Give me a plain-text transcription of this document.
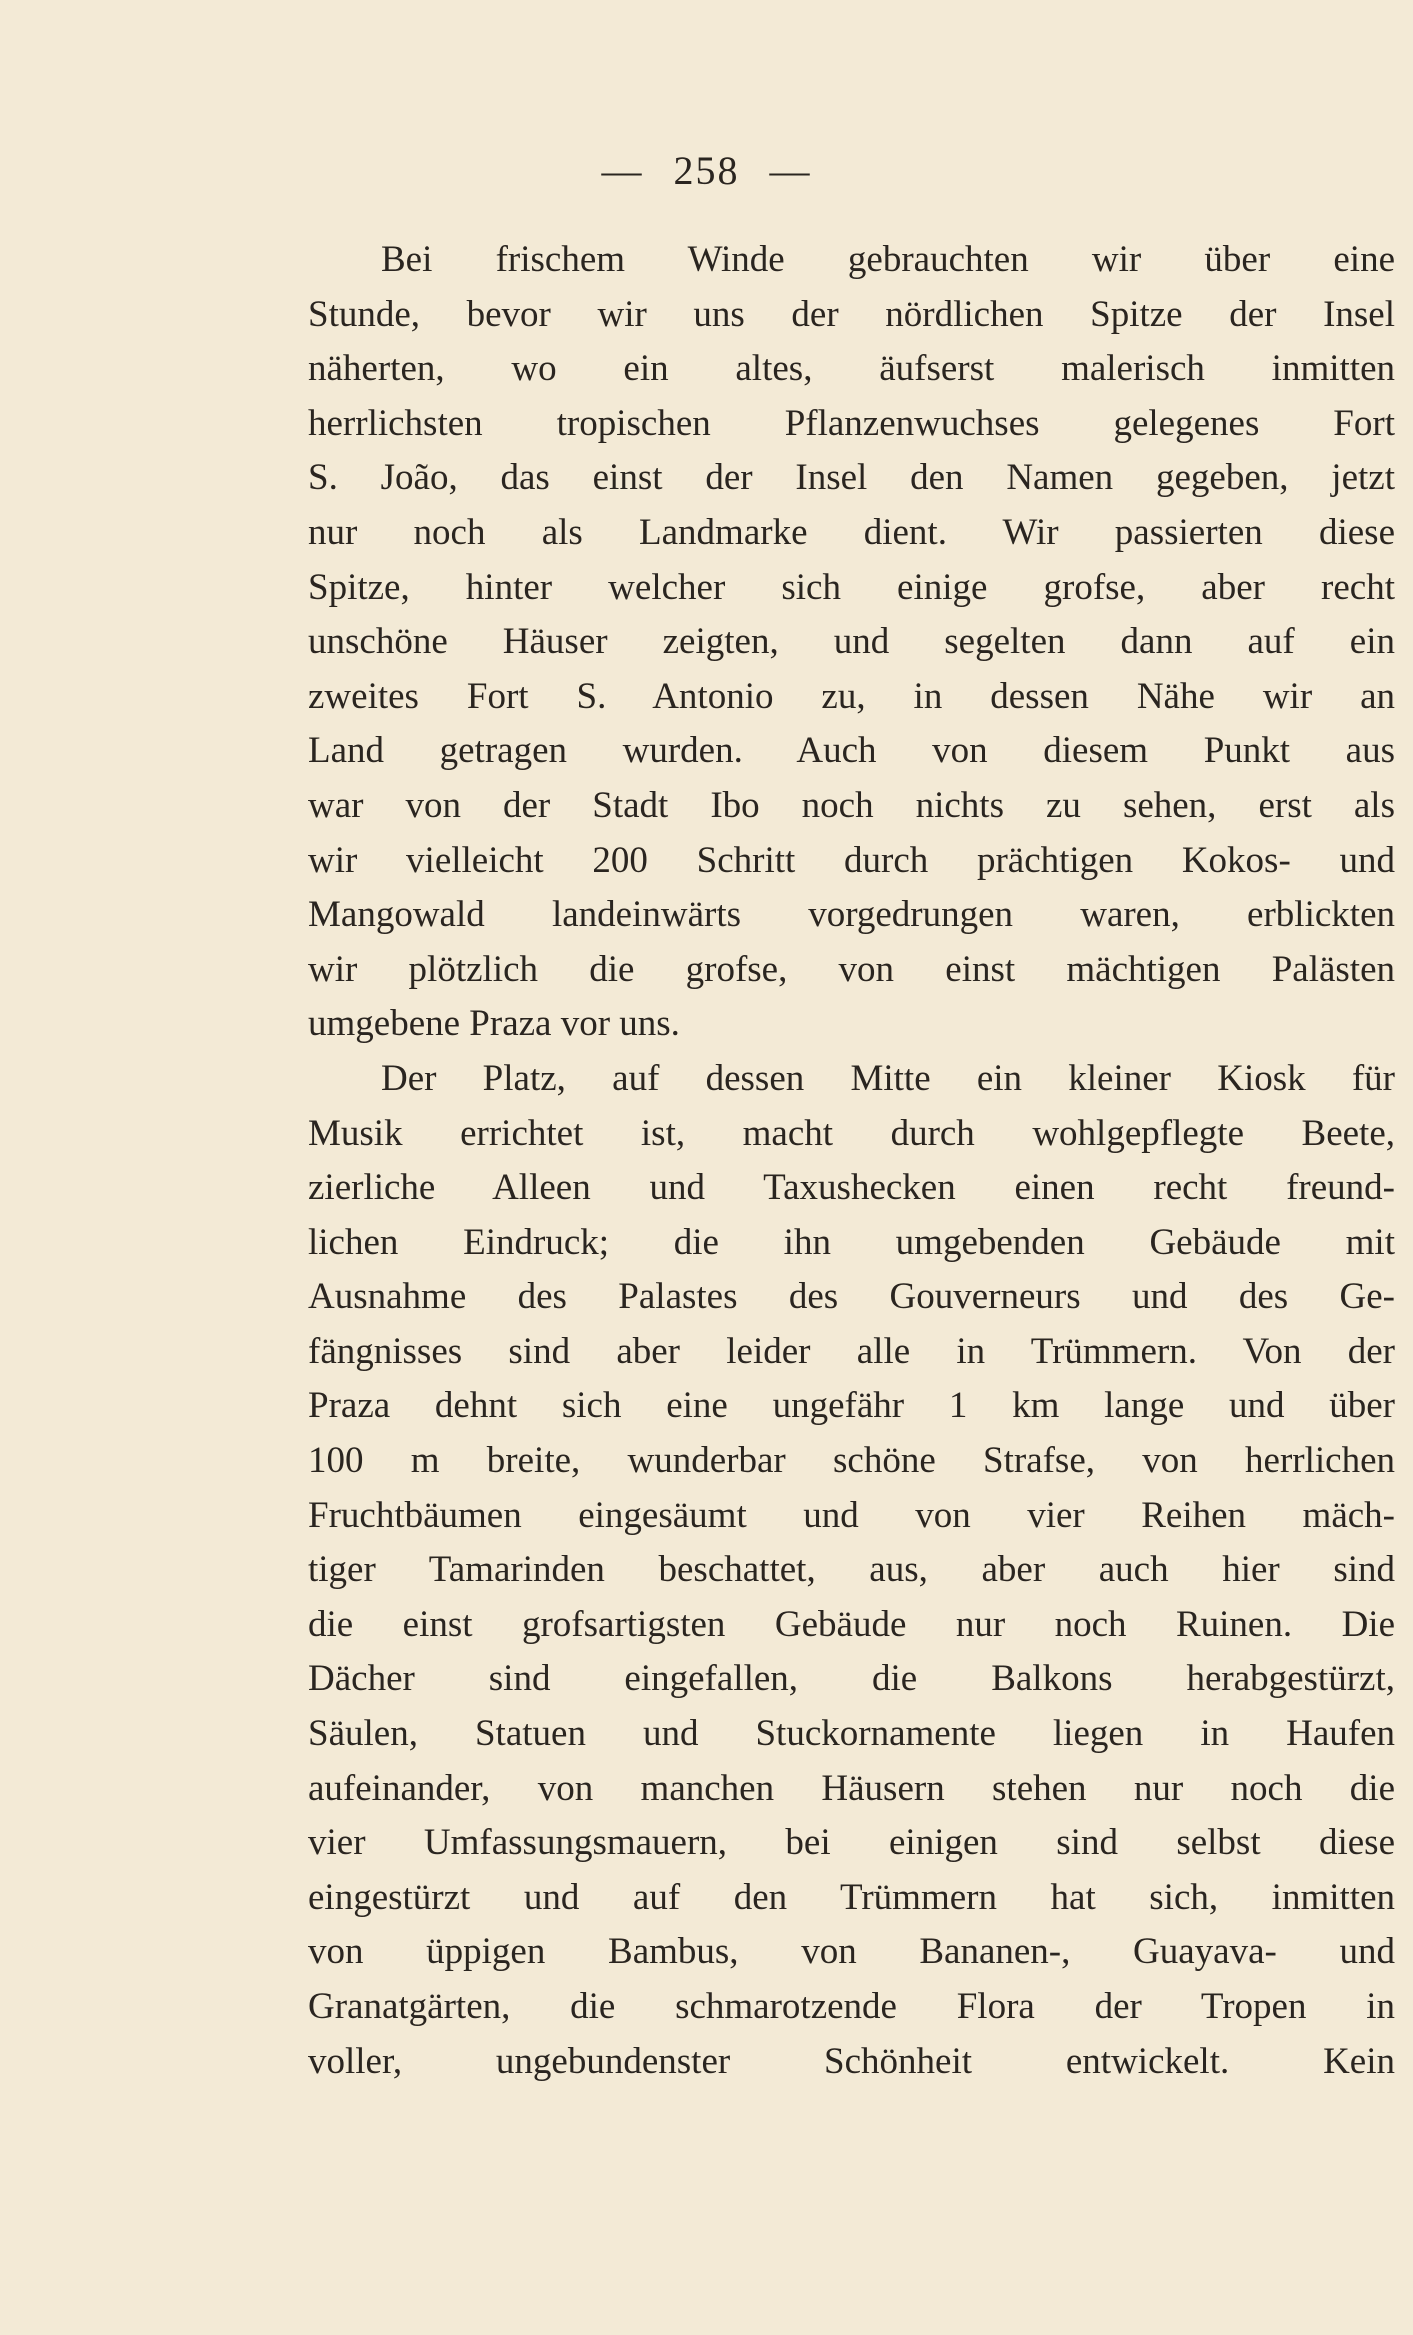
— 258 —
Bei frischem Winde gebrauchten wir über eine
Stunde, bevor wir uns der nördlichen Spitze der Insel
näherten, wo ein altes, äufserst malerisch inmitten
herrlichsten tropischen Pflanzenwuchses gelegenes Fort
S. João, das einst der Insel den Namen gegeben, jetzt
nur noch als Landmarke dient. Wir passierten diese
Spitze, hinter welcher sich einige grofse, aber recht
unschöne Häuser zeigten, und segelten dann auf ein
zweites Fort S. Antonio zu, in dessen Nähe wir an
Land getragen wurden. Auch von diesem Punkt aus
war von der Stadt Ibo noch nichts zu sehen, erst als
wir vielleicht 200 Schritt durch prächtigen Kokos- und
Mangowald landeinwärts vorgedrungen waren, erblickten
wir plötzlich die grofse, von einst mächtigen Palästen
umgebene Praza vor uns.
Der Platz, auf dessen Mitte ein kleiner Kiosk für
Musik errichtet ist, macht durch wohlgepflegte Beete,
zierliche Alleen und Taxushecken einen recht freund-
lichen Eindruck; die ihn umgebenden Gebäude mit
Ausnahme des Palastes des Gouverneurs und des Ge-
fängnisses sind aber leider alle in Trümmern. Von der
Praza dehnt sich eine ungefähr 1 km lange und über
100 m breite, wunderbar schöne Strafse, von herrlichen
Fruchtbäumen eingesäumt und von vier Reihen mäch-
tiger Tamarinden beschattet, aus, aber auch hier sind
die einst grofsartigsten Gebäude nur noch Ruinen. Die
Dächer sind eingefallen, die Balkons herabgestürzt,
Säulen, Statuen und Stuckornamente liegen in Haufen
aufeinander, von manchen Häusern stehen nur noch die
vier Umfassungsmauern, bei einigen sind selbst diese
eingestürzt und auf den Trümmern hat sich, inmitten
von üppigen Bambus, von Bananen-, Guayava- und
Granatgärten, die schmarotzende Flora der Tropen in
voller, ungebundenster Schönheit entwickelt. Kein
